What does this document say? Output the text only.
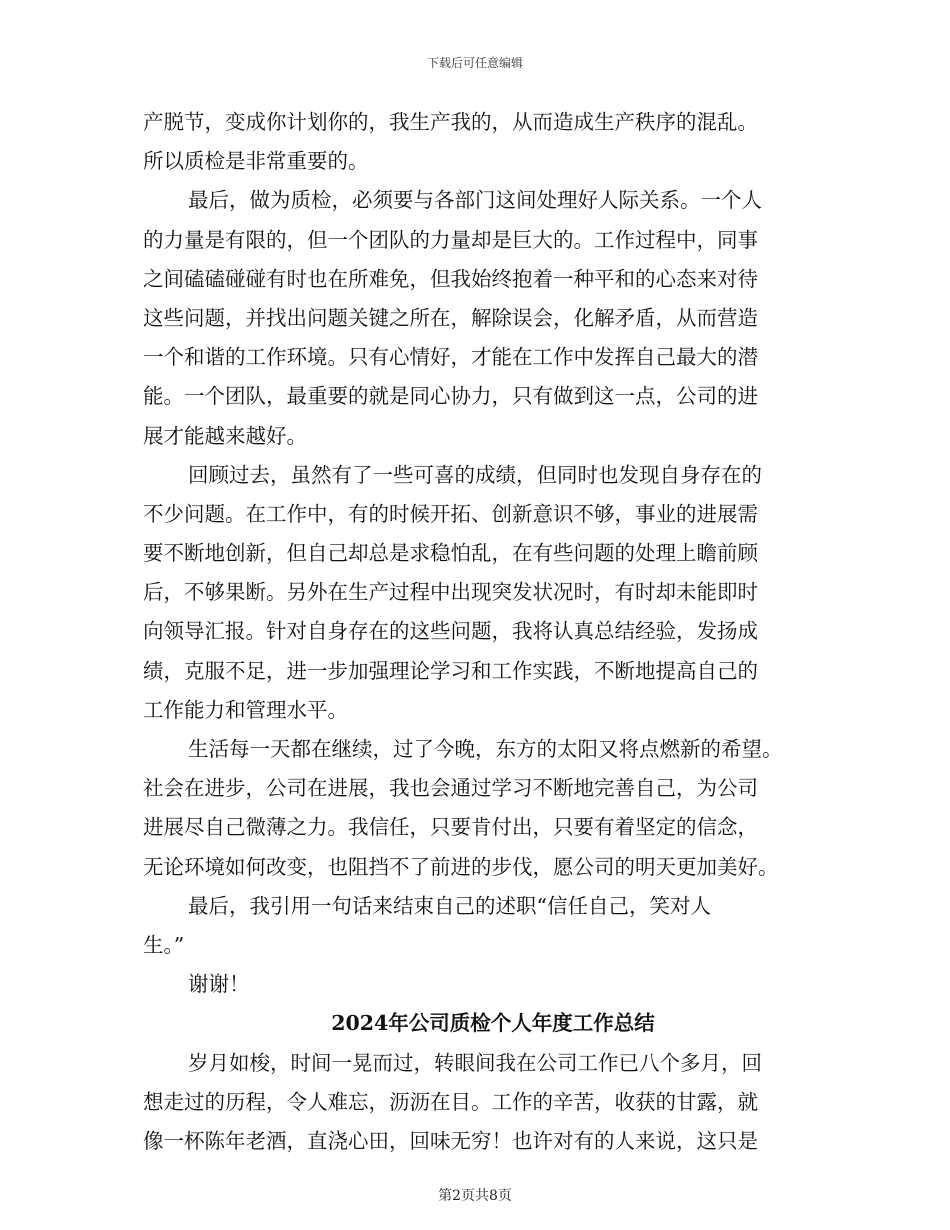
下载后可任意编辑
产脱节，变成你计划你的，我生产我的，从而造成生产秩序的混乱。
所以质检是非常重要的。
最后，做为质检，必须要与各部门这间处理好人际关系。一个人
的力量是有限的，但一个团队的力量却是巨大的。工作过程中，同事
之间磕磕碰碰有时也在所难免，但我始终抱着一种平和的心态来对待
这些问题，并找出问题关键之所在，解除误会，化解矛盾，从而营造
一个和谐的工作环境。只有心情好，才能在工作中发挥自己最大的潜
能。一个团队，最重要的就是同心协力，只有做到这一点，公司的进
展才能越来越好。
回顾过去，虽然有了一些可喜的成绩，但同时也发现自身存在的
不少问题。在工作中，有的时候开拓、创新意识不够，事业的进展需
要不断地创新，但自己却总是求稳怕乱，在有些问题的处理上瞻前顾
后，不够果断。另外在生产过程中出现突发状况时，有时却未能即时
向领导汇报。针对自身存在的这些问题，我将认真总结经验，发扬成
绩，克服不足，进一步加强理论学习和工作实践，不断地提高自己的
工作能力和管理水平。
生活每一天都在继续，过了今晚，东方的太阳又将点燃新的希望。
社会在进步，公司在进展，我也会通过学习不断地完善自己，为公司
进展尽自己微薄之力。我信任，只要肯付出，只要有着坚定的信念，
无论环境如何改变，也阻挡不了前进的步伐，愿公司的明天更加美好。
最后，我引用一句话来结束自己的述职“信任自己，笑对人
生。”
谢谢！
2024年公司质检个人年度工作总结
岁月如梭，时间一晃而过，转眼间我在公司工作已八个多月，回
想走过的历程，令人难忘，沥沥在目。工作的辛苦，收获的甘露，就
像一杯陈年老酒，直浇心田，回味无穷！也许对有的人来说，这只是
第2页共8页
